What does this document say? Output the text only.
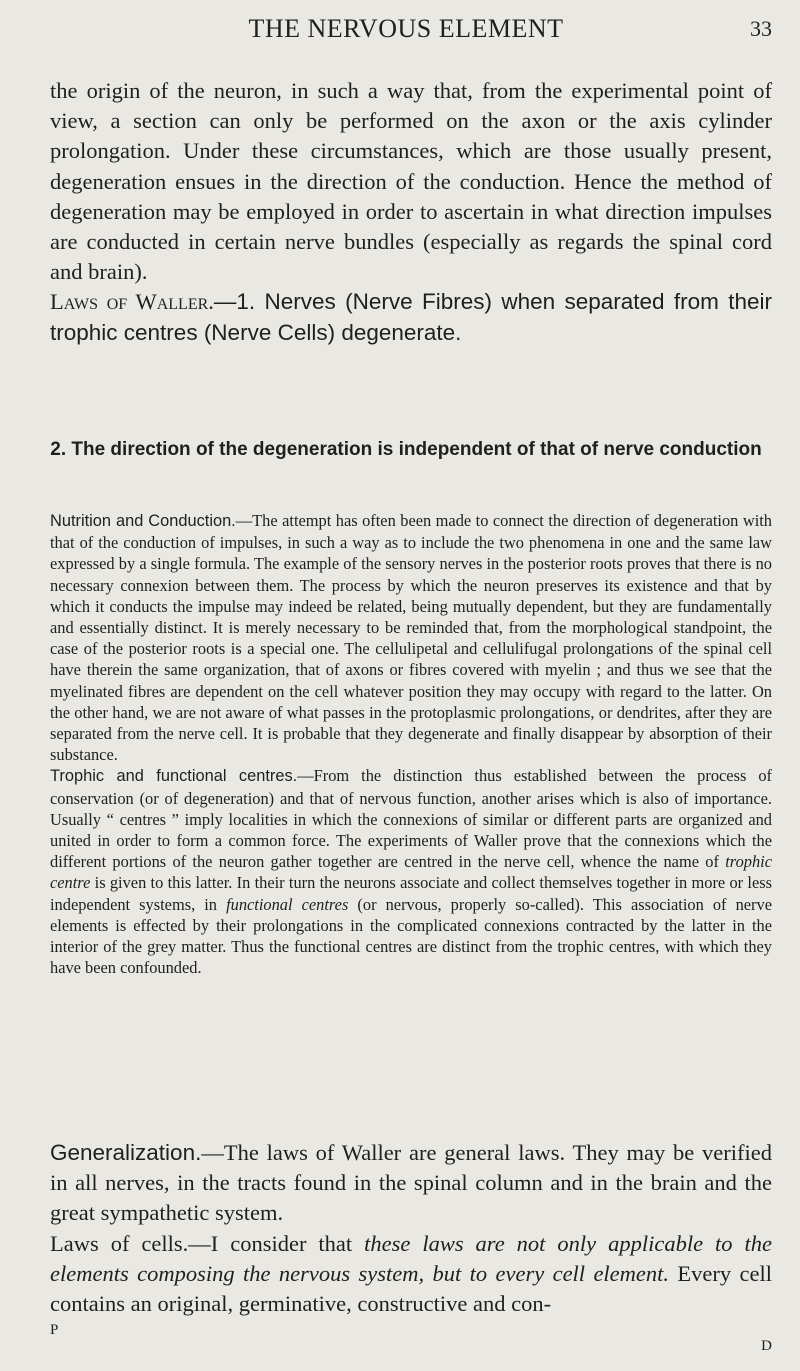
THE NERVOUS ELEMENT	33

the origin of the neuron, in such a way that, from the experimental point of view, a section can only be performed on the axon or the axis cylinder prolongation. Under these circumstances, which are those usually present, degeneration ensues in the direction of the conduction. Hence the method of degeneration may be employed in order to ascertain in what direction impulses are conducted in certain nerve bundles (especially as regards the spinal cord and brain).

Laws of Waller.—1. Nerves (Nerve Fibres) when separated from their trophic centres (Nerve Cells) degenerate.

2. The direction of the degeneration is independent of that of nerve conduction

Nutrition and Conduction.—The attempt has often been made to connect the direction of degeneration with that of the conduction of impulses, in such a way as to include the two phenomena in one and the same law expressed by a single formula. The example of the sensory nerves in the posterior roots proves that there is no necessary connexion between them. The process by which the neuron preserves its existence and that by which it conducts the impulse may indeed be related, being mutually dependent, but they are fundamentally and essentially distinct. It is merely necessary to be reminded that, from the morphological standpoint, the case of the posterior roots is a special one. The cellulipetal and cellulifugal prolongations of the spinal cell have therein the same organization, that of axons or fibres covered with myelin ; and thus we see that the myelinated fibres are dependent on the cell whatever position they may occupy with regard to the latter. On the other hand, we are not aware of what passes in the protoplasmic prolongations, or dendrites, after they are separated from the nerve cell. It is probable that they degenerate and finally disappear by absorption of their substance.

Trophic and functional centres.—From the distinction thus established between the process of conservation (or of degeneration) and that of nervous function, another arises which is also of importance. Usually “ centres ” imply localities in which the connexions of similar or different parts are organized and united in order to form a common force. The experiments of Waller prove that the connexions which the different portions of the neuron gather together are centred in the nerve cell, whence the name of trophic centre is given to this latter. In their turn the neurons associate and collect themselves together in more or less independent systems, in functional centres (or nervous, properly so-called). This association of nerve elements is effected by their prolongations in the complicated connexions contracted by the latter in the interior of the grey matter. Thus the functional centres are distinct from the trophic centres, with which they have been confounded.

Generalization.—The laws of Waller are general laws. They may be verified in all nerves, in the tracts found in the spinal column and in the brain and the great sympathetic system.

Laws of cells.—I consider that these laws are not only applicable to the elements composing the nervous system, but to every cell element. Every cell contains an original, germinative, constructive and con-

P
D
